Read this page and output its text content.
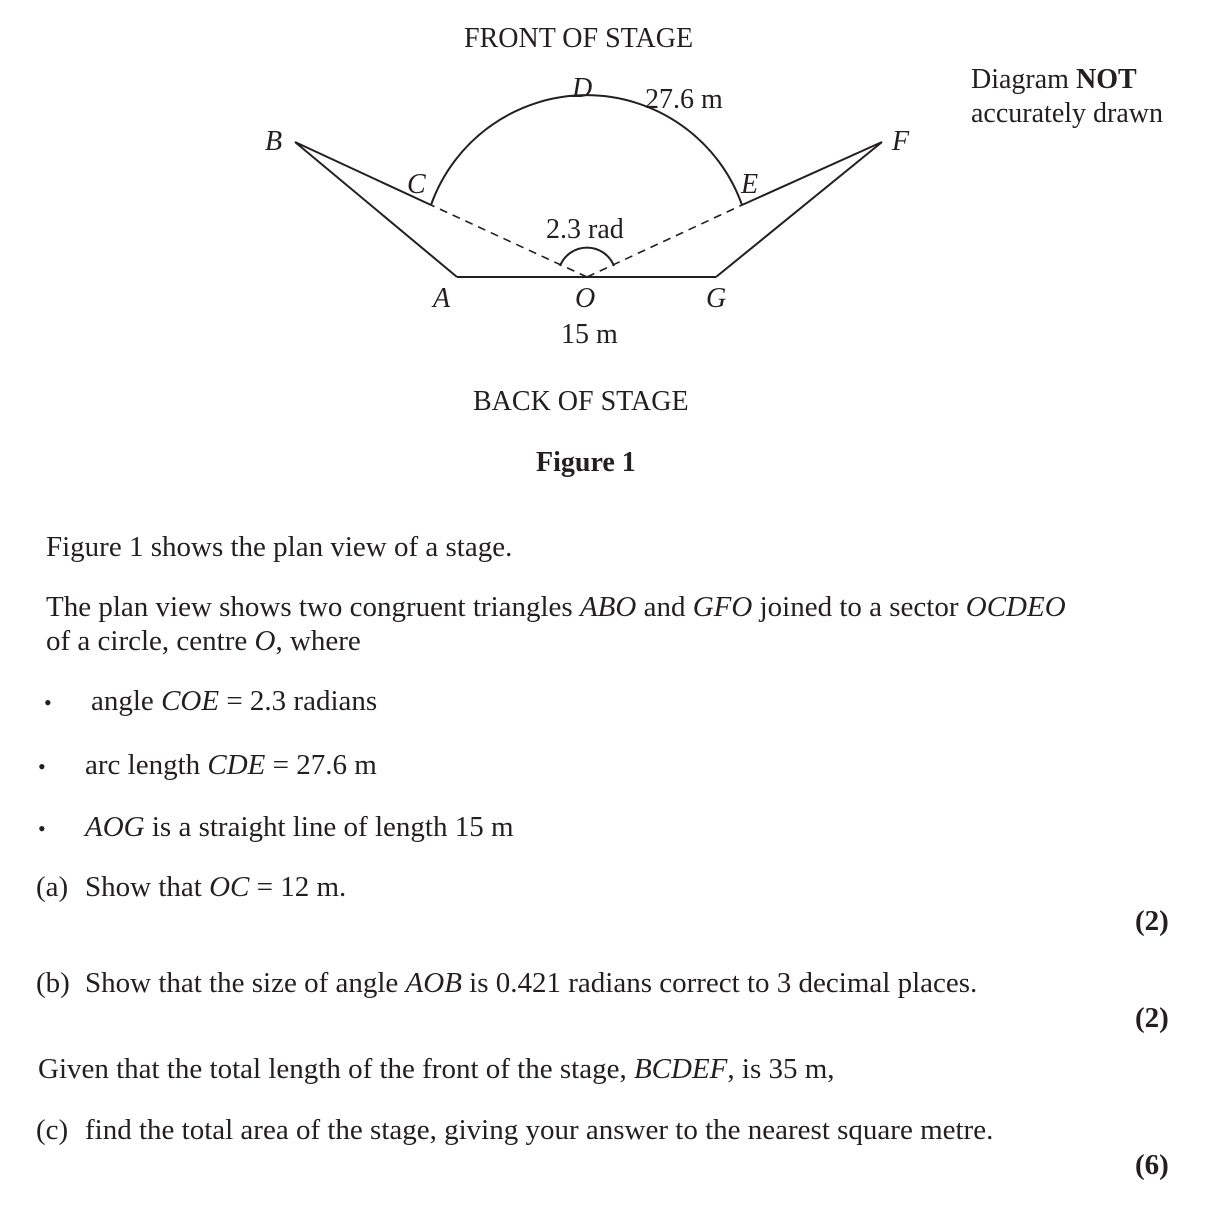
FRONT OF STAGE
Diagram NOT
accurately drawn
B
C
D
E
F
A	O	G
27.6 m
2.3 rad
15 m
BACK OF STAGE
Figure 1
Figure 1 shows the plan view of a stage.
The plan view shows two congruent triangles ABO and GFO joined to a sector OCDEO
of a circle, centre O, where
• angle COE = 2.3 radians
• arc length CDE = 27.6 m
• AOG is a straight line of length 15 m
(a) Show that OC = 12 m.
(2)
(b) Show that the size of angle AOB is 0.421 radians correct to 3 decimal places.
(2)
Given that the total length of the front of the stage, BCDEF, is 35 m,
(c) find the total area of the stage, giving your answer to the nearest square metre.
(6)
